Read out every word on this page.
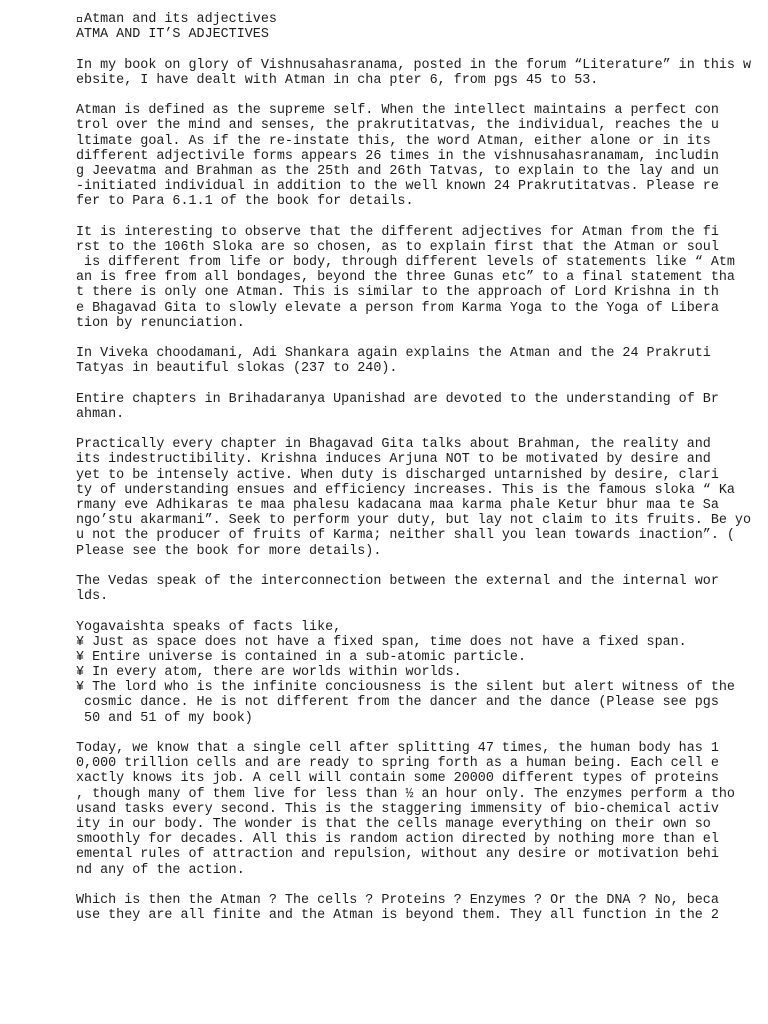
 Atman and its adjectives
ATMA AND IT’S ADJECTIVES
In my book on glory of Vishnusahasranama, posted in the forum “Literature” in this w
ebsite, I have dealt with Atman in cha pter 6, from pgs 45 to 53.
Atman is defined as the supreme self. When the intellect maintains a perfect con
trol over the mind and senses, the prakrutitatvas, the individual, reaches the u
ltimate goal. As if the re-instate this, the word Atman, either alone or in its
different adjectivile forms appears 26 times in the vishnusahasranamam, includin
g Jeevatma and Brahman as the 25th and 26th Tatvas, to explain to the lay and un
-initiated individual in addition to the well known 24 Prakrutitatvas. Please re
fer to Para 6.1.1 of the book for details.
It is interesting to observe that the different adjectives for Atman from the fi
rst to the 106th Sloka are so chosen, as to explain first that the Atman or soul
is different from life or body, through different levels of statements like “ Atm
an is free from all bondages, beyond the three Gunas etc” to a final statement tha
t there is only one Atman. This is similar to the approach of Lord Krishna in th
e Bhagavad Gita to slowly elevate a person from Karma Yoga to the Yoga of Libera
tion by renunciation.
In Viveka choodamani, Adi Shankara again explains the Atman and the 24 Prakruti
Tatyas in beautiful slokas (237 to 240).
Entire chapters in Brihadaranya Upanishad are devoted to the understanding of Br
ahman.
Practically every chapter in Bhagavad Gita talks about Brahman, the reality and
its indestructibility. Krishna induces Arjuna NOT to be motivated by desire and
yet to be intensely active. When duty is discharged untarnished by desire, clari
ty of understanding ensues and efficiency increases. This is the famous sloka “ Ka
rmany eve Adhikaras te maa phalesu kadacana maa karma phale Ketur bhur maa te Sa
ngo’stu akarmani”. Seek to perform your duty, but lay not claim to its fruits. Be yo
u not the producer of fruits of Karma; neither shall you lean towards inaction”. (
Please see the book for more details).
The Vedas speak of the interconnection between the external and the internal wor
lds.
Yogavaishta speaks of facts like,
¥ Just as space does not have a fixed span, time does not have a fixed span.
¥ Entire universe is contained in a sub-atomic particle.
¥ In every atom, there are worlds within worlds.
¥ The lord who is the infinite conciousness is the silent but alert witness of the
cosmic dance. He is not different from the dancer and the dance (Please see pgs
50 and 51 of my book)
Today, we know that a single cell after splitting 47 times, the human body has 1
0,000 trillion cells and are ready to spring forth as a human being. Each cell e
xactly knows its job. A cell will contain some 20000 different types of proteins
, though many of them live for less than ½ an hour only. The enzymes perform a tho
usand tasks every second. This is the staggering immensity of bio-chemical activ
ity in our body. The wonder is that the cells manage everything on their own so
smoothly for decades. All this is random action directed by nothing more than el
emental rules of attraction and repulsion, without any desire or motivation behi
nd any of the action.
Which is then the Atman ? The cells ? Proteins ? Enzymes ? Or the DNA ? No, beca
use they are all finite and the Atman is beyond them. They all function in the 2
